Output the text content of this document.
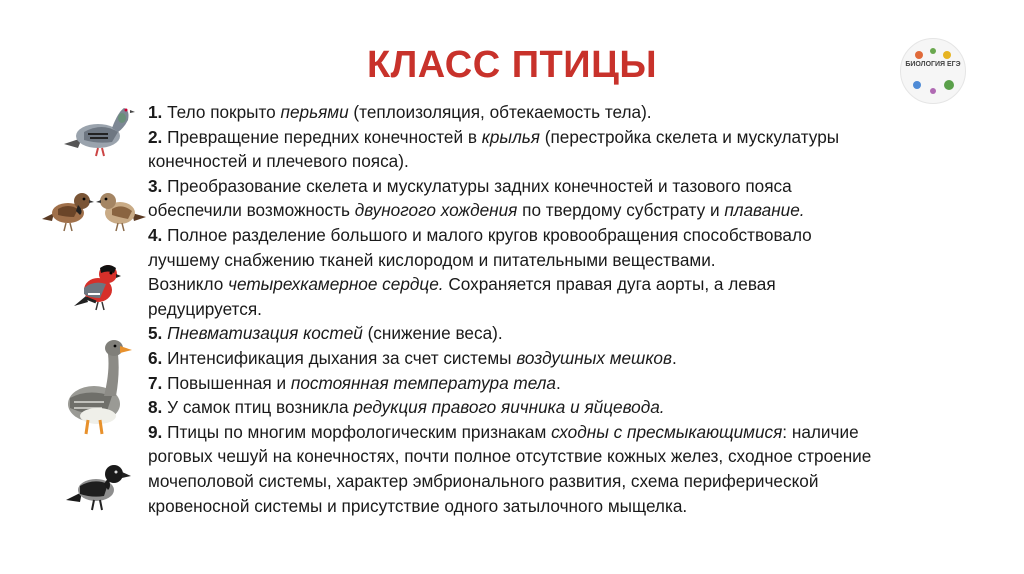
КЛАСС ПТИЦЫ	БИОЛОГИЯ ЕГЭ
1. Тело покрыто перьями (теплоизоляция, обтекаемость тела).
2. Превращение передних конечностей в крылья (перестройка скелета и мускулатуры
конечностей и плечевого пояса).
3. Преобразование скелета и мускулатуры задних конечностей и тазового пояса
обеспечили возможность двуногого хождения по твердому субстрату и плавание.
4. Полное разделение большого и малого кругов кровообращения способствовало
лучшему снабжению тканей кислородом и питательными веществами.
Возникло четырехкамерное сердце. Сохраняется правая дуга аорты, а левая
редуцируется.
5. Пневматизация костей (снижение веса).
6. Интенсификация дыхания за счет системы воздушных мешков.
7. Повышенная и постоянная температура тела.
8. У самок птиц возникла редукция правого яичника и яйцевода.
9. Птицы по многим морфологическим признакам сходны с пресмыкающимися: наличие
роговых чешуй на конечностях, почти полное отсутствие кожных желез, сходное строение
мочеполовой системы, характер эмбрионального развития, схема периферической
кровеносной системы и присутствие одного затылочного мыщелка.
